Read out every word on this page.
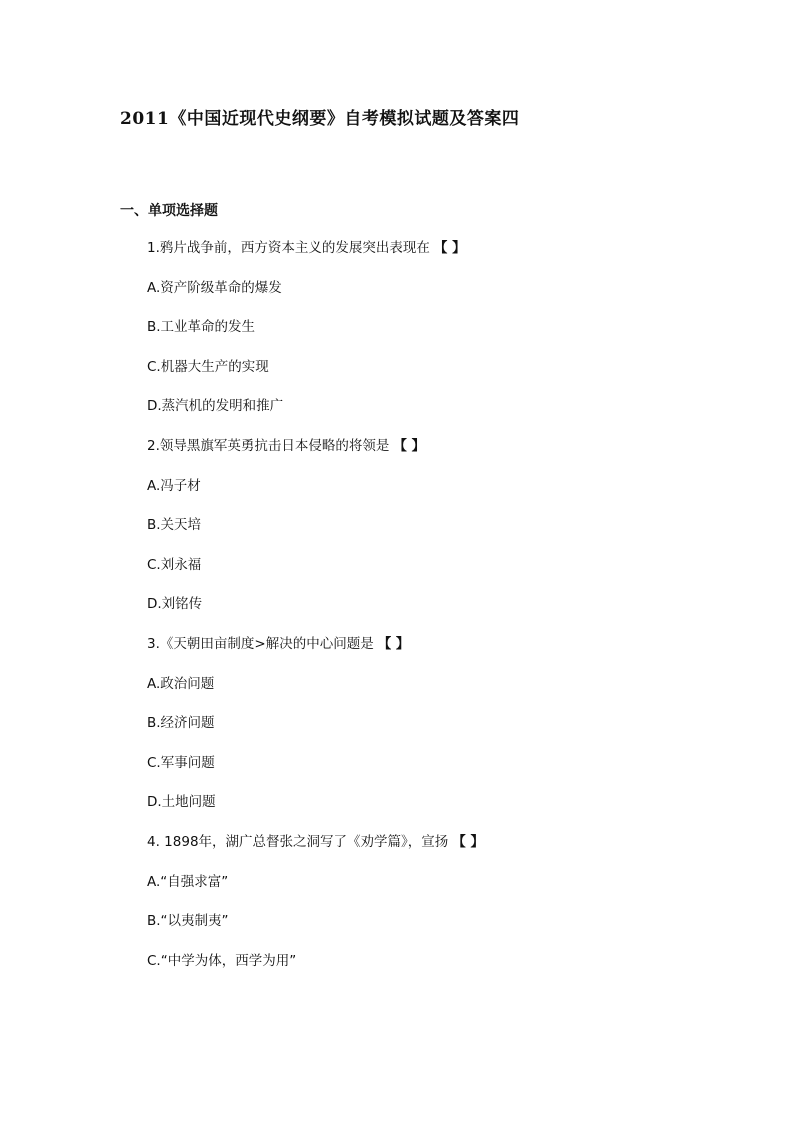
2011《中国近现代史纲要》自考模拟试题及答案四
一、单项选择题
1.鸦片战争前，西方资本主义的发展突出表现在 【 】
A.资产阶级革命的爆发
B.工业革命的发生
C.机器大生产的实现
D.蒸汽机的发明和推广
2.领导黑旗军英勇抗击日本侵略的将领是 【 】
A.冯子材
B.关天培
C.刘永福
D.刘铭传
3.《天朝田亩制度>解决的中心问题是 【 】
A.政治问题
B.经济问题
C.军事问题
D.土地问题
4. 1898年，湖广总督张之洞写了《劝学篇》，宣扬 【 】
A.“自强求富”
B.“以夷制夷”
C.“中学为体，西学为用”
